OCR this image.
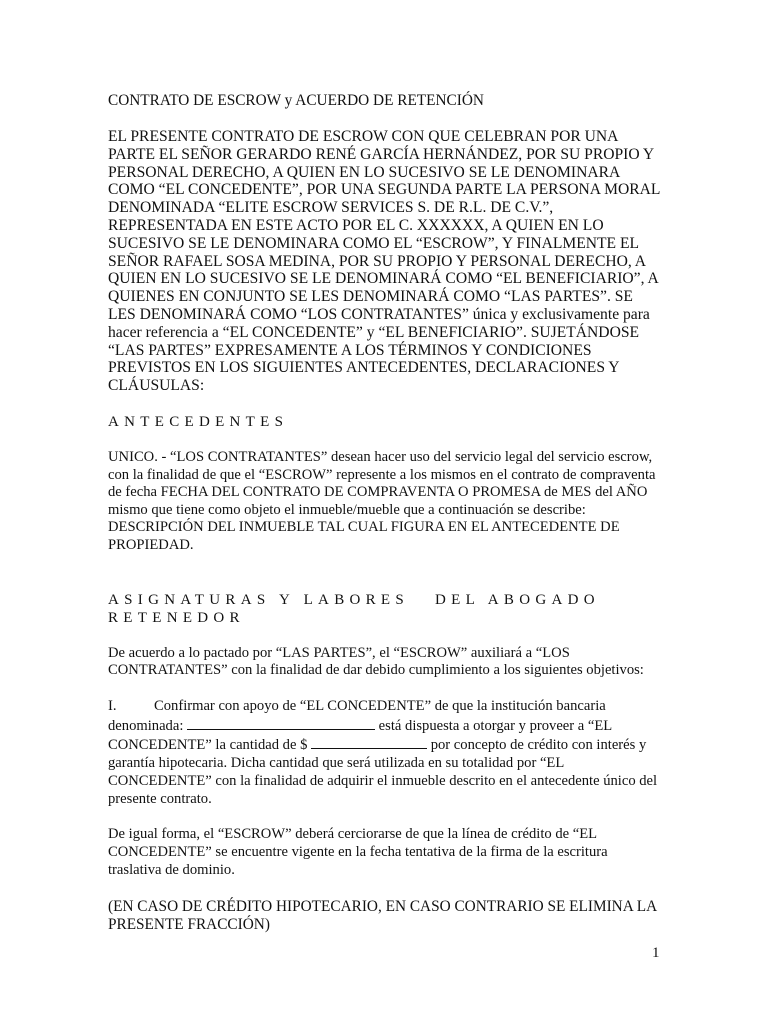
CONTRATO DE ESCROW y ACUERDO DE RETENCIÓN

EL PRESENTE CONTRATO DE ESCROW CON QUE CELEBRAN POR UNA PARTE EL SEÑOR GERARDO RENÉ GARCÍA HERNÁNDEZ, POR SU PROPIO Y PERSONAL DERECHO, A QUIEN EN LO SUCESIVO SE LE DENOMINARA COMO “EL CONCEDENTE”, POR UNA SEGUNDA PARTE LA PERSONA MORAL DENOMINADA “ELITE ESCROW SERVICES S. DE R.L. DE C.V.”, REPRESENTADA EN ESTE ACTO POR EL C. XXXXXX, A QUIEN EN LO SUCESIVO SE LE DENOMINARA COMO EL “ESCROW”, Y FINALMENTE EL SEÑOR RAFAEL SOSA MEDINA, POR SU PROPIO Y PERSONAL DERECHO, A QUIEN EN LO SUCESIVO SE LE DENOMINARÁ COMO “EL BENEFICIARIO”, A QUIENES EN CONJUNTO SE LES DENOMINARÁ COMO “LAS PARTES”. SE LES DENOMINARÁ COMO “LOS CONTRATANTES” única y exclusivamente para hacer referencia a “EL CONCEDENTE” y “EL BENEFICIARIO”. SUJETÁNDOSE “LAS PARTES” EXPRESAMENTE A LOS TÉRMINOS Y CONDICIONES PREVISTOS EN LOS SIGUIENTES ANTECEDENTES, DECLARACIONES Y CLÁUSULAS:

ANTECEDENTES

UNICO. - “LOS CONTRATANTES” desean hacer uso del servicio legal del servicio escrow, con la finalidad de que el “ESCROW” represente a los mismos en el contrato de compraventa de fecha FECHA DEL CONTRATO DE COMPRAVENTA O PROMESA de MES del AÑO mismo que tiene como objeto el inmueble/mueble que a continuación se describe: DESCRIPCIÓN DEL INMUEBLE TAL CUAL FIGURA EN EL ANTECEDENTE DE PROPIEDAD.

ASIGNATURAS Y LABORES DEL ABOGADO RETENEDOR

De acuerdo a lo pactado por “LAS PARTES”, el “ESCROW” auxiliará a “LOS CONTRATANTES” con la finalidad de dar debido cumplimiento a los siguientes objetivos:

I.	Confirmar con apoyo de “EL CONCEDENTE” de que la institución bancaria denominada:	está dispuesta a otorgar y proveer a “EL CONCEDENTE” la cantidad de $	por concepto de crédito con interés y garantía hipotecaria. Dicha cantidad que será utilizada en su totalidad por “EL CONCEDENTE” con la finalidad de adquirir el inmueble descrito en el antecedente único del presente contrato.

De igual forma, el “ESCROW” deberá cerciorarse de que la línea de crédito de “EL CONCEDENTE” se encuentre vigente en la fecha tentativa de la firma de la escritura traslativa de dominio.

(EN CASO DE CRÉDITO HIPOTECARIO, EN CASO CONTRARIO SE ELIMINA LA PRESENTE FRACCIÓN)

1
